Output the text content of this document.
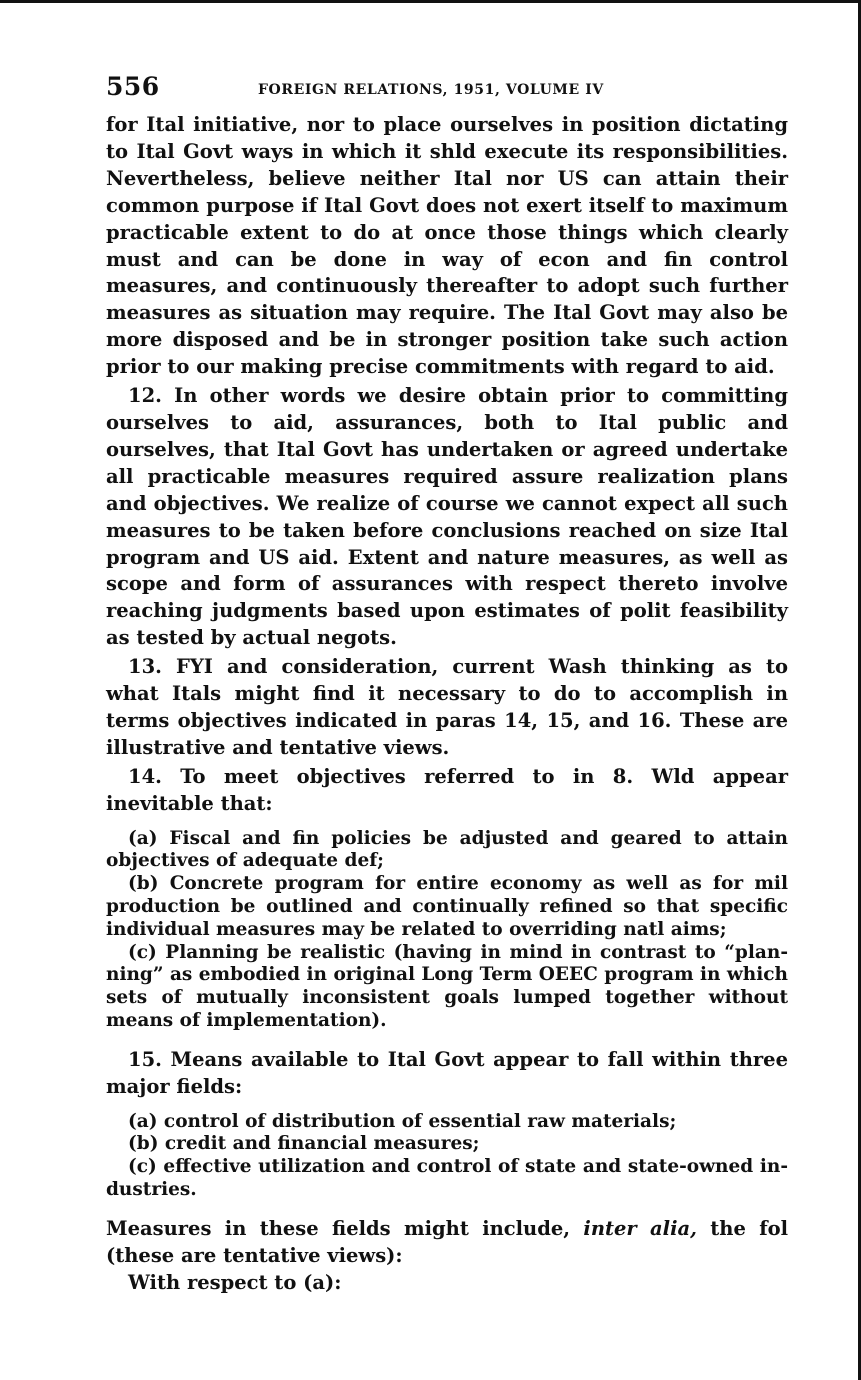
556	FOREIGN RELATIONS, 1951, VOLUME IV

for Ital initiative, nor to place ourselves in position dictating to Ital Govt ways in which it shld execute its responsibilities. Nevertheless, believe neither Ital nor US can attain their common purpose if Ital Govt does not exert itself to maximum practicable extent to do at once those things which clearly must and can be done in way of econ and fin control measures, and continuously thereafter to adopt such further measures as situation may require. The Ital Govt may also be more disposed and be in stronger position take such action prior to our making precise commitments with regard to aid.

12. In other words we desire obtain prior to committing ourselves to aid, assurances, both to Ital public and ourselves, that Ital Govt has undertaken or agreed undertake all practicable measures required assure realization plans and objectives. We realize of course we cannot expect all such measures to be taken before conclusions reached on size Ital program and US aid. Extent and nature measures, as well as scope and form of assurances with respect thereto involve reaching judgments based upon estimates of polit feasibility as tested by actual negots.

13. FYI and consideration, current Wash thinking as to what Itals might find it necessary to do to accomplish in terms objectives indicated in paras 14, 15, and 16. These are illustrative and tentative views.

14. To meet objectives referred to in 8. Wld appear inevitable that:

(a) Fiscal and fin policies be adjusted and geared to attain objectives of adequate def;

(b) Concrete program for entire economy as well as for mil production be outlined and continually refined so that specific individual measures may be related to overriding natl aims;

(c) Planning be realistic (having in mind in contrast to “planning” as embodied in original Long Term OEEC program in which sets of mutually inconsistent goals lumped together without means of implementation).

15. Means available to Ital Govt appear to fall within three major fields:

(a) control of distribution of essential raw materials;

(b) credit and financial measures;

(c) effective utilization and control of state and state-owned industries.

Measures in these fields might include, inter alia, the fol (these are tentative views):

With respect to (a):
